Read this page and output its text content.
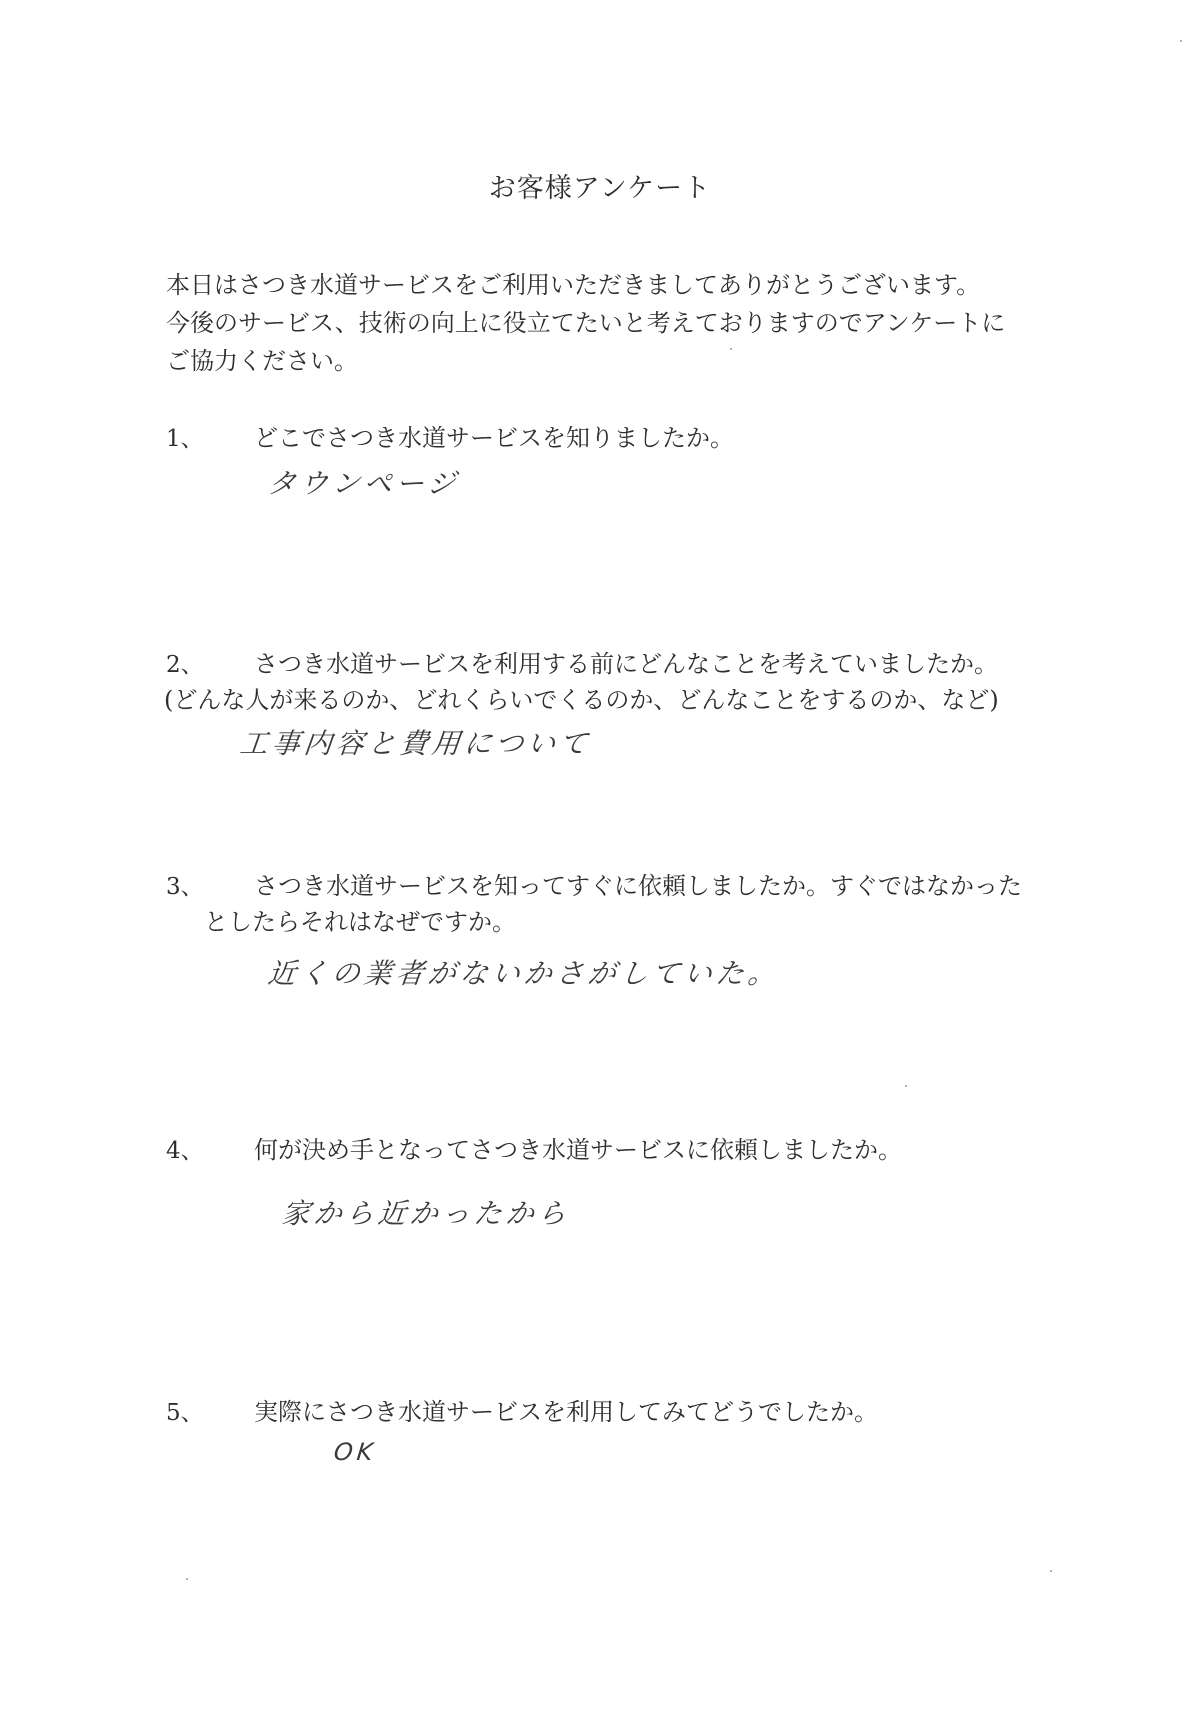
お客様アンケート
本日はさつき水道サービスをご利用いただきましてありがとうございます。
今後のサービス、技術の向上に役立てたいと考えておりますのでアンケートに
ご協力ください。
1、 どこでさつき水道サービスを知りましたか。
タウンページ
2、 さつき水道サービスを利用する前にどんなことを考えていましたか。
(どんな人が来るのか、どれくらいでくるのか、どんなことをするのか、など)
工事内容と費用について
3、 さつき水道サービスを知ってすぐに依頼しましたか。すぐではなかった
としたらそれはなぜですか。
近くの業者がないかさがしていた。
4、 何が決め手となってさつき水道サービスに依頼しましたか。
家から近かったから
5、 実際にさつき水道サービスを利用してみてどうでしたか。
OK
